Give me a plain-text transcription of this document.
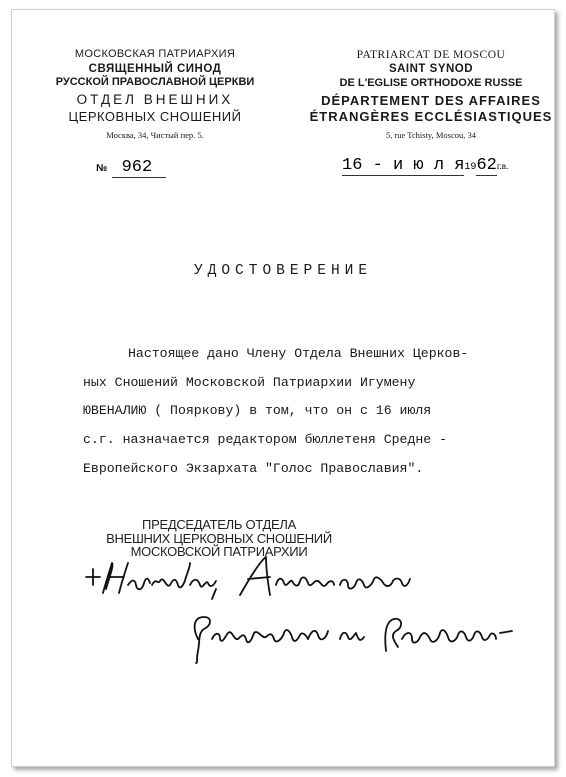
МОСКОВСКАЯ ПАТРИАРХИЯ
СВЯЩЕННЫЙ СИНОД
РУССКОЙ ПРАВОСЛАВНОЙ ЦЕРКВИ
ОТДЕЛ ВНЕШНИХ
ЦЕРКОВНЫХ СНОШЕНИЙ
Москва, 34, Чистый пер. 5.
PATRIARCAT DE MOSCOU
SAINT SYNOD
DE L'EGLISE ORTHODOXE RUSSE
DÉPARTEMENT DES AFFAIRES
ÉTRANGÈRES ECCLÉSIASTIQUES
5, rue Tchisty, Moscou, 34
№ 962	16 - и ю л я1962г.в.
УДОСТОВЕРЕНИЕ
Настоящее дано Члену Отдела Внешних Церков-
ных Сношений Московской Патриархии Игумену
ЮВЕНАЛИЮ ( Пояркову) в том, что он с 16 июля
с.г. назначается редактором бюллетеня Средне -
Европейского Экзархата "Голос Православия".
ПРЕДСЕДАТЕЛЬ ОТДЕЛА
ВНЕШНИХ ЦЕРКОВНЫХ СНОШЕНИЙ
МОСКОВСКОЙ ПАТРИАРХИИ
